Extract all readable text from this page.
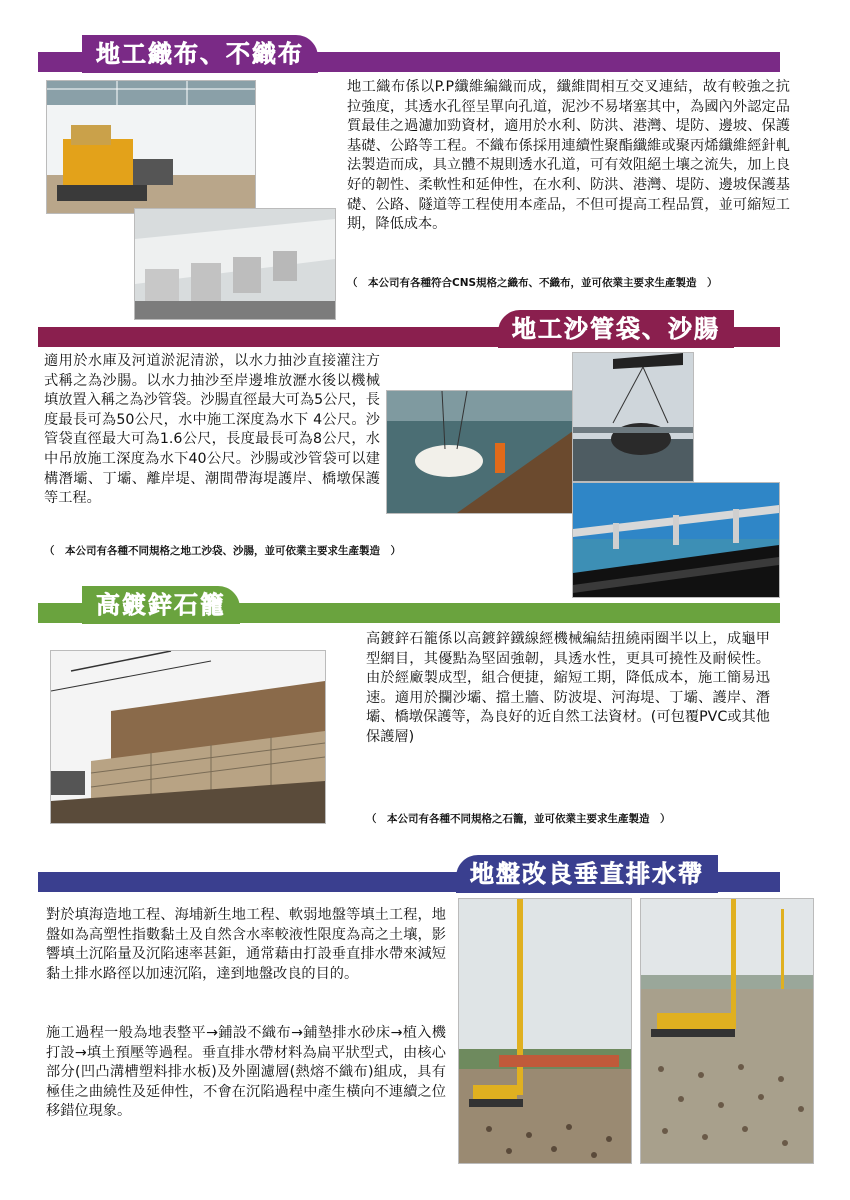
地工織布、不織布
地工織布係以P.P纖維編織而成，纖維間相互交叉連結，故有較強之抗拉強度，其透水孔徑呈單向孔道，泥沙不易堵塞其中，為國內外認定品質最佳之過濾加勁資材，適用於水利、防洪、港灣、堤防、邊坡、保護基礎、公路等工程。不織布係採用連續性聚酯纖維或聚丙烯纖維經針軋法製造而成，具立體不規則透水孔道，可有效阻絕土壤之流失，加上良好的韌性、柔軟性和延伸性，在水利、防洪、港灣、堤防、邊坡保護基礎、公路、隧道等工程使用本產品，不但可提高工程品質，並可縮短工期，降低成本。
（　本公司有各種符合CNS規格之織布、不織布，並可依業主要求生產製造　）
地工沙管袋、沙腸
適用於水庫及河道淤泥清淤，以水力抽沙直接灌注方式稱之為沙腸。以水力抽沙至岸邊堆放瀝水後以機械填放置入稱之為沙管袋。沙腸直徑最大可為5公尺，長度最長可為50公尺，水中施工深度為水下 4公尺。沙管袋直徑最大可為1.6公尺，長度最長可為8公尺，水中吊放施工深度為水下40公尺。沙腸或沙管袋可以建構潛壩、丁壩、離岸堤、潮間帶海堤護岸、橋墩保護等工程。
（　本公司有各種不同規格之地工沙袋、沙腸，並可依業主要求生產製造　）
高鍍鋅石籠
高鍍鋅石籠係以高鍍鋅鐵線經機械編結扭繞兩圈半以上，成龜甲型網目，其優點為堅固強韌，具透水性，更具可撓性及耐候性。由於經廠製成型，組合便捷，縮短工期，降低成本，施工簡易迅速。適用於攔沙壩、擋土牆、防波堤、河海堤、丁壩、護岸、潛壩、橋墩保護等，為良好的近自然工法資材。(可包覆PVC或其他保護層)
（　本公司有各種不同規格之石籠，並可依業主要求生產製造　）
地盤改良垂直排水帶
對於填海造地工程、海埔新生地工程、軟弱地盤等填土工程，地盤如為高塑性指數黏土及自然含水率較液性限度為高之土壤，影響填土沉陷量及沉陷速率甚鉅，通常藉由打設垂直排水帶來減短黏土排水路徑以加速沉陷，達到地盤改良的目的。
施工過程一般為地表整平→鋪設不織布→鋪墊排水砂床→植入機打設→填土預壓等過程。垂直排水帶材料為扁平狀型式，由核心部分(凹凸溝槽塑料排水板)及外圍濾層(熱熔不織布)組成，具有極佳之曲繞性及延伸性，不會在沉陷過程中產生橫向不連續之位移錯位現象。
